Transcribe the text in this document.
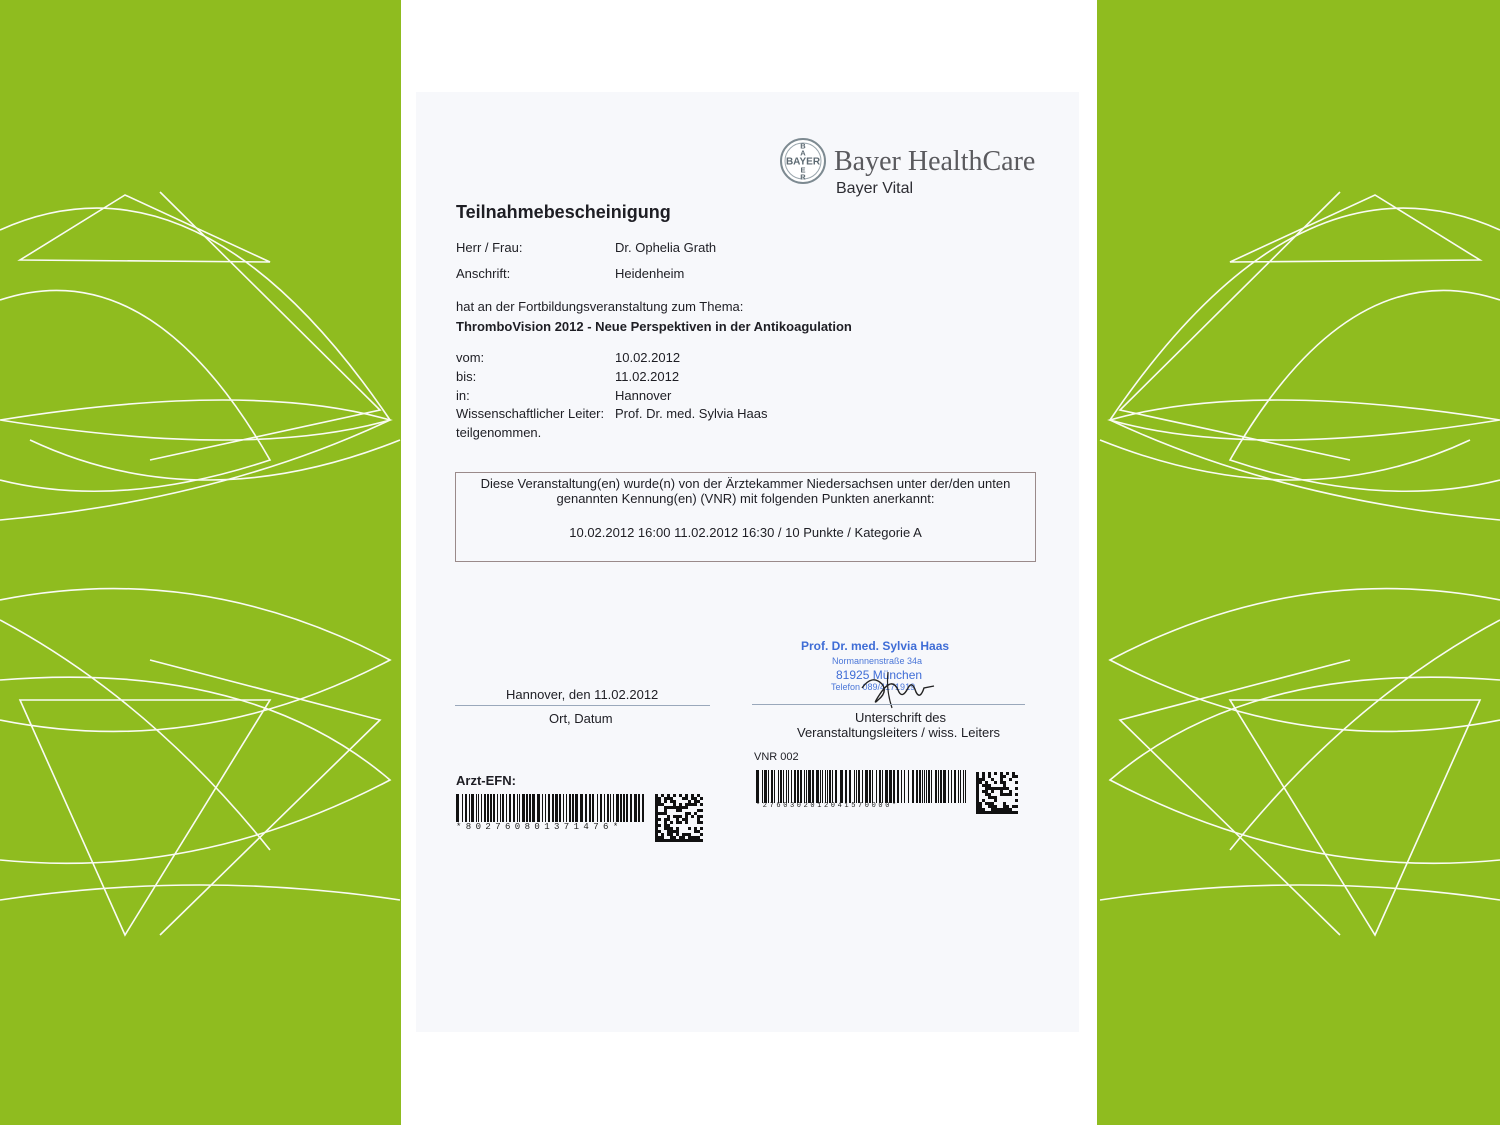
BAYER
B
A
E
R Bayer HealthCare
Bayer Vital
Teilnahmebescheinigung
Herr / Frau:	Dr. Ophelia Grath
Anschrift:	Heidenheim
hat an der Fortbildungsveranstaltung zum Thema:
ThromboVision 2012 - Neue Perspektiven in der Antikoagulation
vom:	10.02.2012
bis:	11.02.2012
in:	Hannover
Wissenschaftlicher Leiter: Prof. Dr. med. Sylvia Haas
teilgenommen.
Diese Veranstaltung(en) wurde(n) von der Ärztekammer Niedersachsen unter der/den unten
genannten Kennung(en) (VNR) mit folgenden Punkten anerkannt:
10.02.2012 16:00 11.02.2012 16:30 / 10 Punkte / Kategorie A
Hannover, den 11.02.2012
Ort, Datum
Prof. Dr. med. Sylvia Haas
Normannenstraße 34a
81925 München
Telefon 089/4171919
Unterschrift des
Veranstaltungsleiters / wiss. Leiters
VNR 002
*2760302012041570000*
Arzt-EFN:
*802760801371476*
